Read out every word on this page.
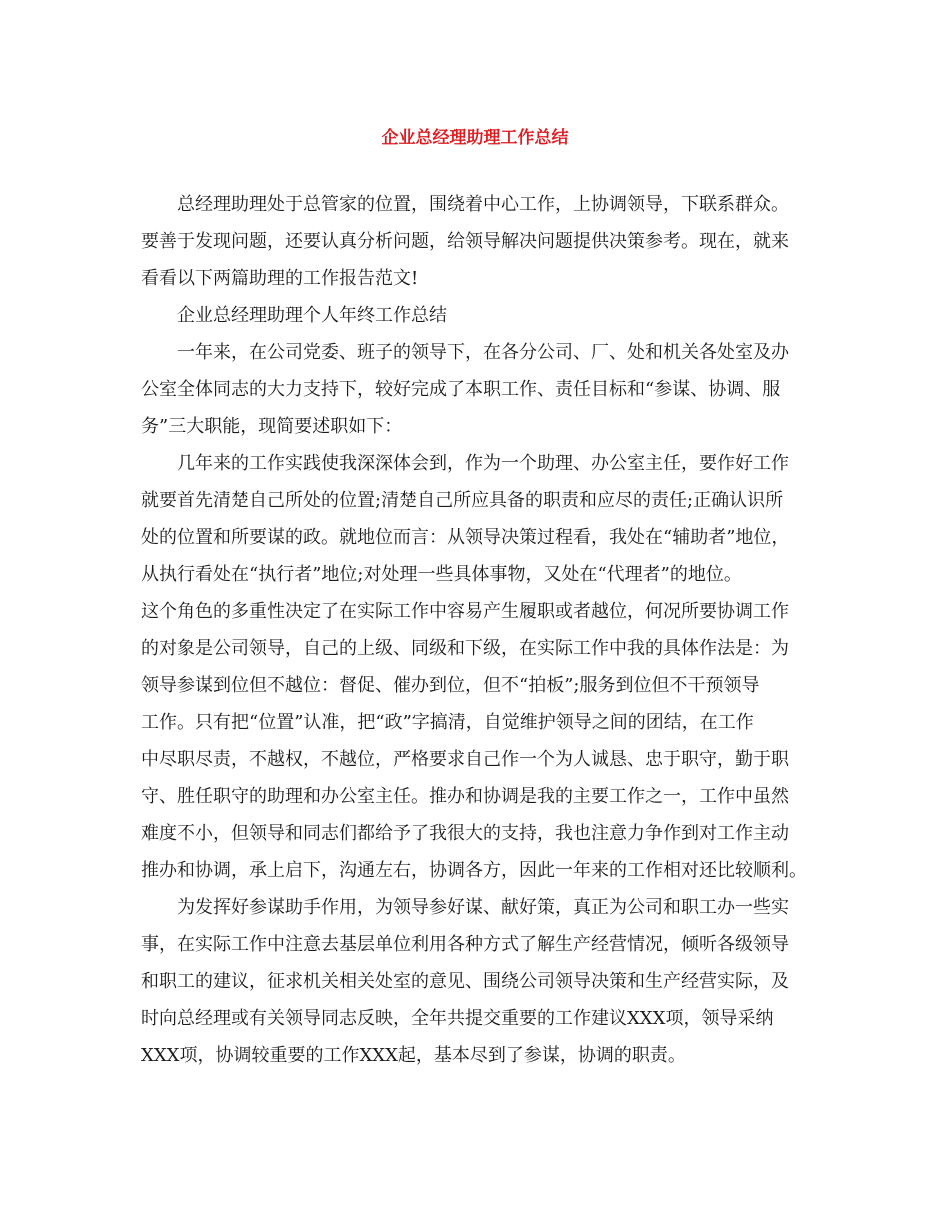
企业总经理助理工作总结
总经理助理处于总管家的位置，围绕着中心工作，上协调领导，下联系群众。
要善于发现问题，还要认真分析问题，给领导解决问题提供决策参考。现在，就来
看看以下两篇助理的工作报告范文!
企业总经理助理个人年终工作总结
一年来，在公司党委、班子的领导下，在各分公司、厂、处和机关各处室及办
公室全体同志的大力支持下，较好完成了本职工作、责任目标和“参谋、协调、服
务”三大职能，现简要述职如下：
几年来的工作实践使我深深体会到，作为一个助理、办公室主任，要作好工作
就要首先清楚自己所处的位置;清楚自己所应具备的职责和应尽的责任;正确认识所
处的位置和所要谋的政。就地位而言：从领导决策过程看，我处在“辅助者”地位，
从执行看处在“执行者”地位;对处理一些具体事物，又处在“代理者”的地位。
这个角色的多重性决定了在实际工作中容易产生履职或者越位，何况所要协调工作
的对象是公司领导，自己的上级、同级和下级，在实际工作中我的具体作法是：为
领导参谋到位但不越位：督促、催办到位，但不“拍板”;服务到位但不干预领导
工作。只有把“位置”认准，把“政”字搞清，自觉维护领导之间的团结，在工作
中尽职尽责，不越权，不越位，严格要求自己作一个为人诚恳、忠于职守，勤于职
守、胜任职守的助理和办公室主任。推办和协调是我的主要工作之一，工作中虽然
难度不小，但领导和同志们都给予了我很大的支持，我也注意力争作到对工作主动
推办和协调，承上启下，沟通左右，协调各方，因此一年来的工作相对还比较顺利。
为发挥好参谋助手作用，为领导参好谋、献好策，真正为公司和职工办一些实
事，在实际工作中注意去基层单位利用各种方式了解生产经营情况，倾听各级领导
和职工的建议，征求机关相关处室的意见、围绕公司领导决策和生产经营实际，及
时向总经理或有关领导同志反映，全年共提交重要的工作建议XXX项，领导采纳
XXX项，协调较重要的工作XXX起，基本尽到了参谋，协调的职责。
